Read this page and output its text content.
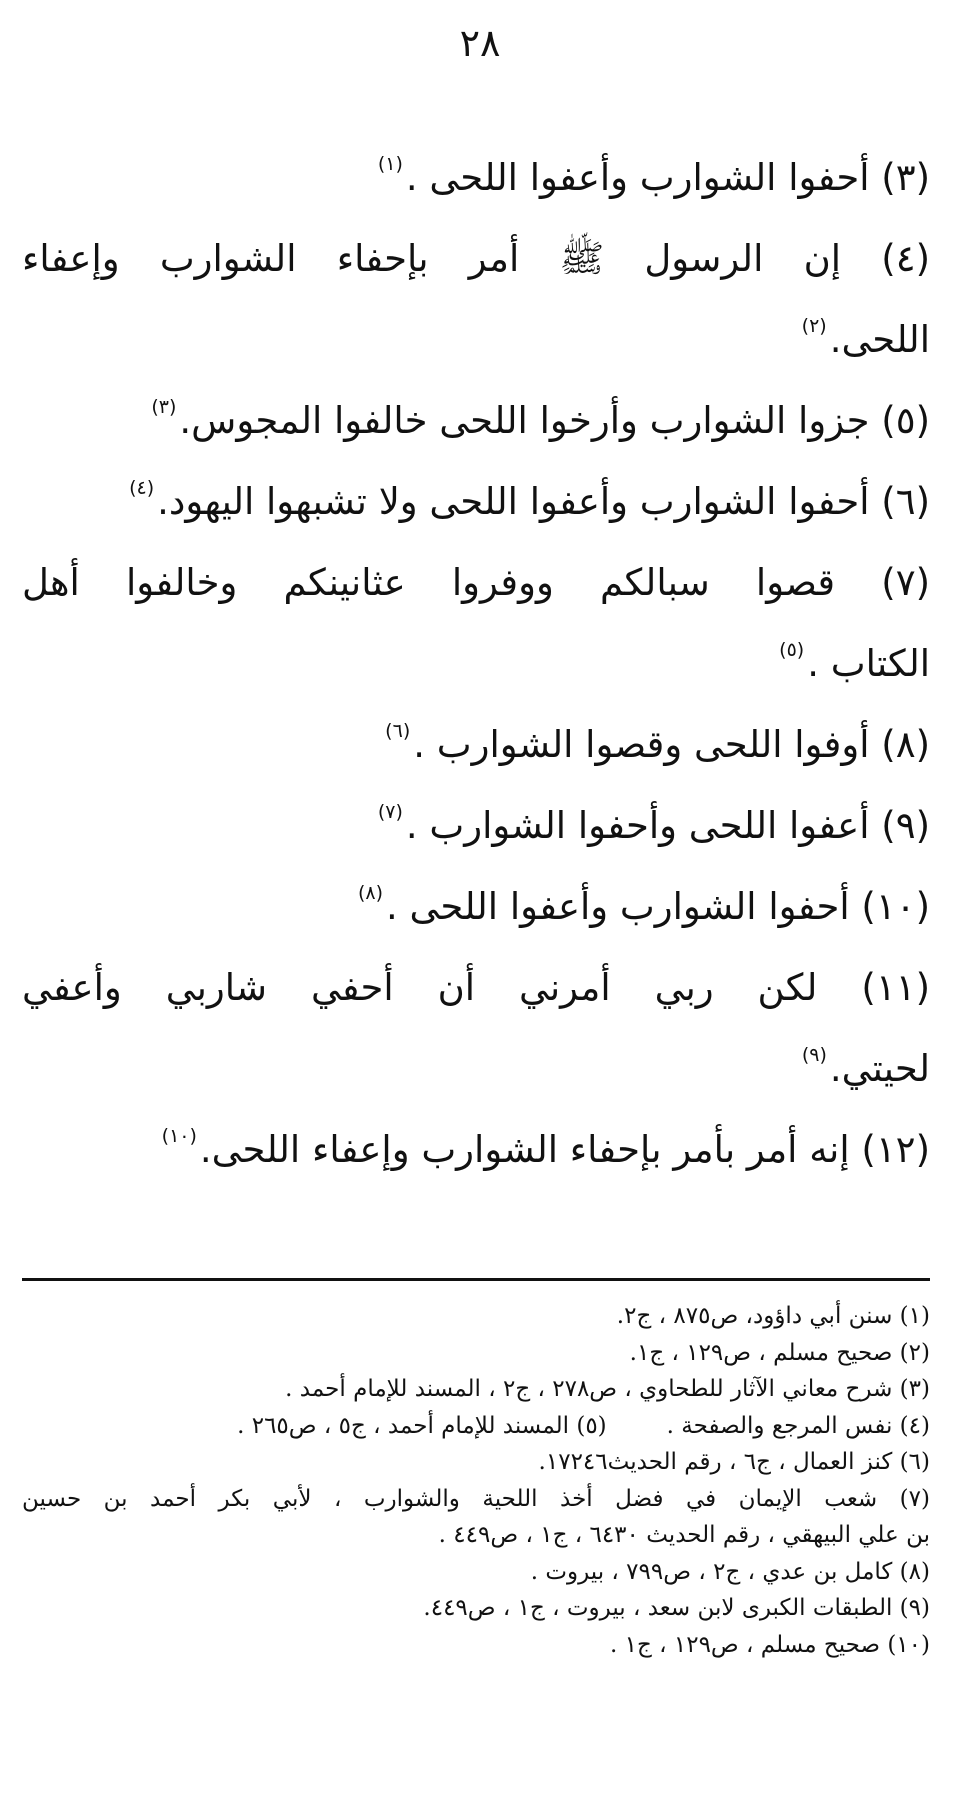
٢٨

(٣) أحفوا الشوارب وأعفوا اللحى .$^{(١)}$

(٤) إن الرسول ﷺ أمر بإحفاء الشوارب وإعفاء
اللحى.$^{(٢)}$

(٥) جزوا الشوارب وأرخوا اللحى خالفوا المجوس.$^{(٣)}$

(٦) أحفوا الشوارب وأعفوا اللحى ولا تشبهوا اليهود.$^{(٤)}$

(٧) قصوا سبالكم ووفروا عثانينكم وخالفوا أهل
الكتاب .$^{(٥)}$

(٨) أوفوا اللحى وقصوا الشوارب .$^{(٦)}$

(٩) أعفوا اللحى وأحفوا الشوارب .$^{(٧)}$

(١٠) أحفوا الشوارب وأعفوا اللحى .$^{(٨)}$

(١١) لكن ربي أمرني أن أحفي شاربي وأعفي
لحيتي.$^{(٩)}$

(١٢) إنه أمر بأمر بإحفاء الشوارب وإعفاء اللحى.$^{(١٠)}$

(١) سنن أبي داؤود، ص٨٧٥ ، ج٢.

(٢) صحيح مسلم ، ص١٢٩ ، ج١.

(٣) شرح معاني الآثار للطحاوي ، ص٢٧٨ ، ج٢ ، المسند للإمام أحمد .

(٤) نفس المرجع والصفحة .(٥) المسند للإمام أحمد ، ج٥ ، ص٢٦٥ .

(٦) كنز العمال ، ج٦ ، رقم الحديث١٧٢٤٦.

(٧) شعب الإيمان في فضل أخذ اللحية والشوارب ، لأبي بكر أحمد بن حسين
بن علي البيهقي ، رقم الحديث ٦٤٣٠ ، ج١ ، ص٤٤٩ .

(٨) كامل بن عدي ، ج٢ ، ص٧٩٩ ، بيروت .

(٩) الطبقات الكبرى لابن سعد ، بيروت ، ج١ ، ص٤٤٩.

(١٠) صحيح مسلم ، ص١٢٩ ، ج١ .
